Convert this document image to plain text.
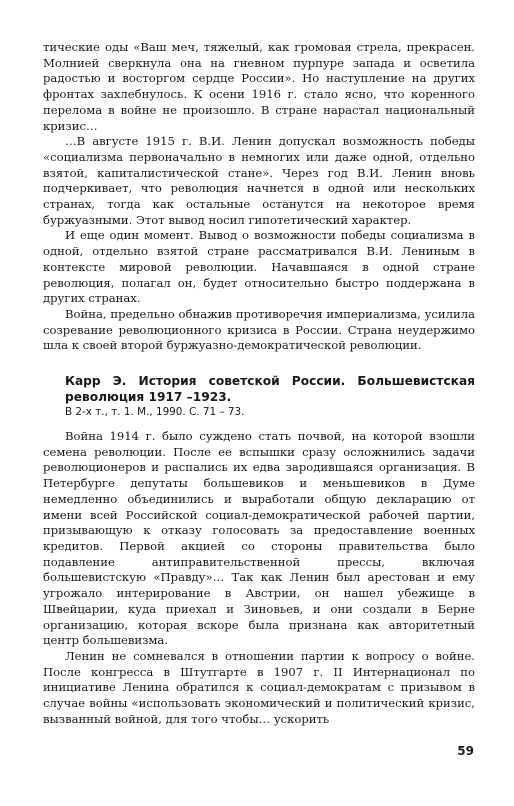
тические оды «Ваш меч, тяжелый, как громовая стрела, прекрасен. Молнией сверкнула она на гневном пурпуре запада и осветила радостью и восторгом сердце России». Но наступление на других фронтах захлебнулось. К осени 1916 г. стало ясно, что коренного перелома в войне не произошло. В стране нарастал национальный кризис…

…В августе 1915 г. В.И. Ленин допускал возможность победы «социализма первоначально в немногих или даже одной, отдельно взятой, капиталистической стане». Через год В.И. Ленин вновь подчеркивает, что революция начнется в одной или нескольких странах, тогда как остальные останутся на некоторое время буржуазными. Этот вывод носил гипотетический характер.

И еще один момент. Вывод о возможности победы социализма в одной, отдельно взятой стране рассматривался В.И. Лениным в контексте мировой революции. Начавшаяся в одной стране революция, полагал он, будет относительно быстро поддержана в других странах.

Война, предельно обнажив противоречия империализма, усилила созревание революционного кризиса в России. Страна неудержимо шла к своей второй буржуазно-демократической революции.

Карр Э. История советской России. Большевистская революция 1917 –1923.

В 2-х т., т. 1. М., 1990. С. 71 – 73.

Война 1914 г. было суждено стать почвой, на которой взошли семена революции. После ее вспышки сразу осложнились задачи революционеров и распались их едва зародившаяся организация. В Петербурге депутаты большевиков и меньшевиков в Думе немедленно объединились и выработали общую декларацию от имени всей Российской социал-демократической рабочей партии, призывающую к отказу голосовать за предоставление военных кредитов. Первой акцией со стороны правительства было подавление антиправительственной прессы, включая большевистскую «Правду»… Так как Ленин был арестован и ему угрожало интерирование в Австрии, он нашел убежище в Швейцарии, куда приехал и Зиновьев, и они создали в Берне организацию, которая вскоре была признана как авторитетный центр большевизма.

Ленин не сомневался в отношении партии к вопросу о войне. После конгресса в Штутгарте в 1907 г. II Интернационал по инициативе Ленина обратился к социал-демократам с призывом в случае войны «использовать экономический и политический кризис, вызванный войной, для того чтобы… ускорить

59
